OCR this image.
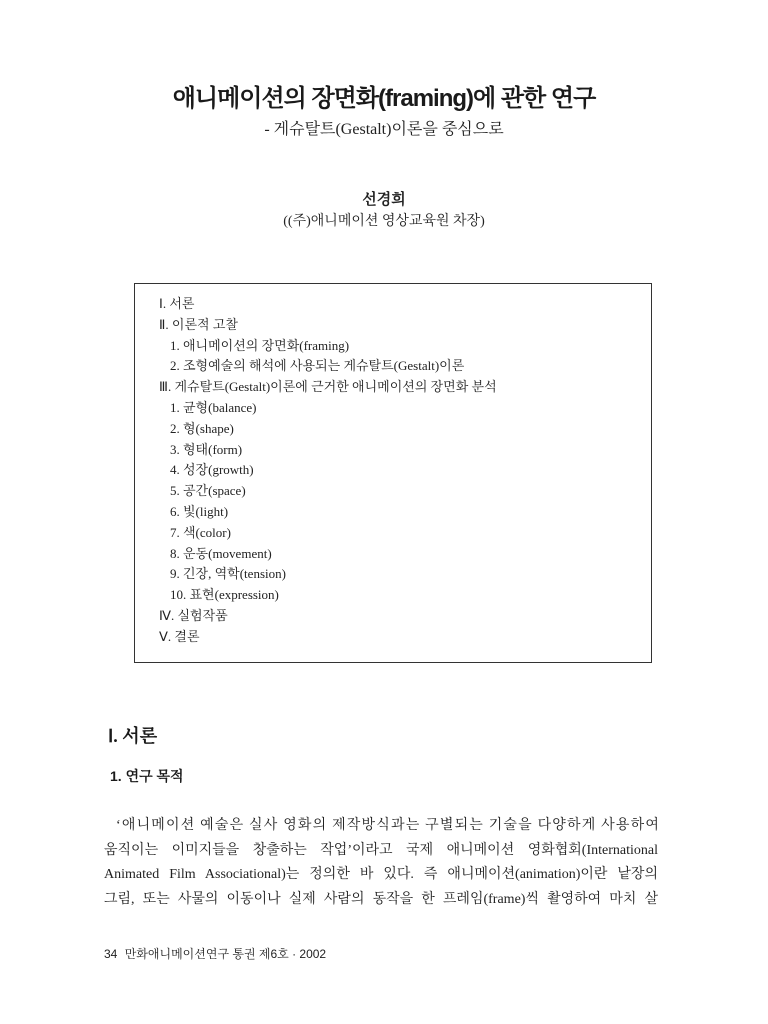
애니메이션의 장면화(framing)에 관한 연구

- 게슈탈트(Gestalt)이론을 중심으로

선경희
((주)애니메이션 영상교육원 차장)
Ⅰ. 서론
Ⅱ. 이론적 고찰
1. 애니메이션의 장면화(framing)
2. 조형예술의 해석에 사용되는 게슈탈트(Gestalt)이론
Ⅲ. 게슈탈트(Gestalt)이론에 근거한 애니메이션의 장면화 분석
1. 균형(balance)
2. 형(shape)
3. 형태(form)
4. 성장(growth)
5. 공간(space)
6. 빛(light)
7. 색(color)
8. 운동(movement)
9. 긴장, 역학(tension)
10. 표현(expression)
Ⅳ. 실험작품
Ⅴ. 결론
Ⅰ. 서론
1. 연구 목적
‘애니메이션 예술은 실사 영화의 제작방식과는 구별되는 기술을 다양하게 사용하여
움직이는 이미지들을 창출하는 작업’이라고 국제 애니메이션 영화협회(International
Animated Film Associational)는 정의한 바 있다. 즉 애니메이션(animation)이란 낱장의
그림, 또는 사물의 이동이나 실제 사람의 동작을 한 프레임(frame)씩 촬영하여 마치 살
34 만화애니메이션연구 통권 제6호 · 2002
